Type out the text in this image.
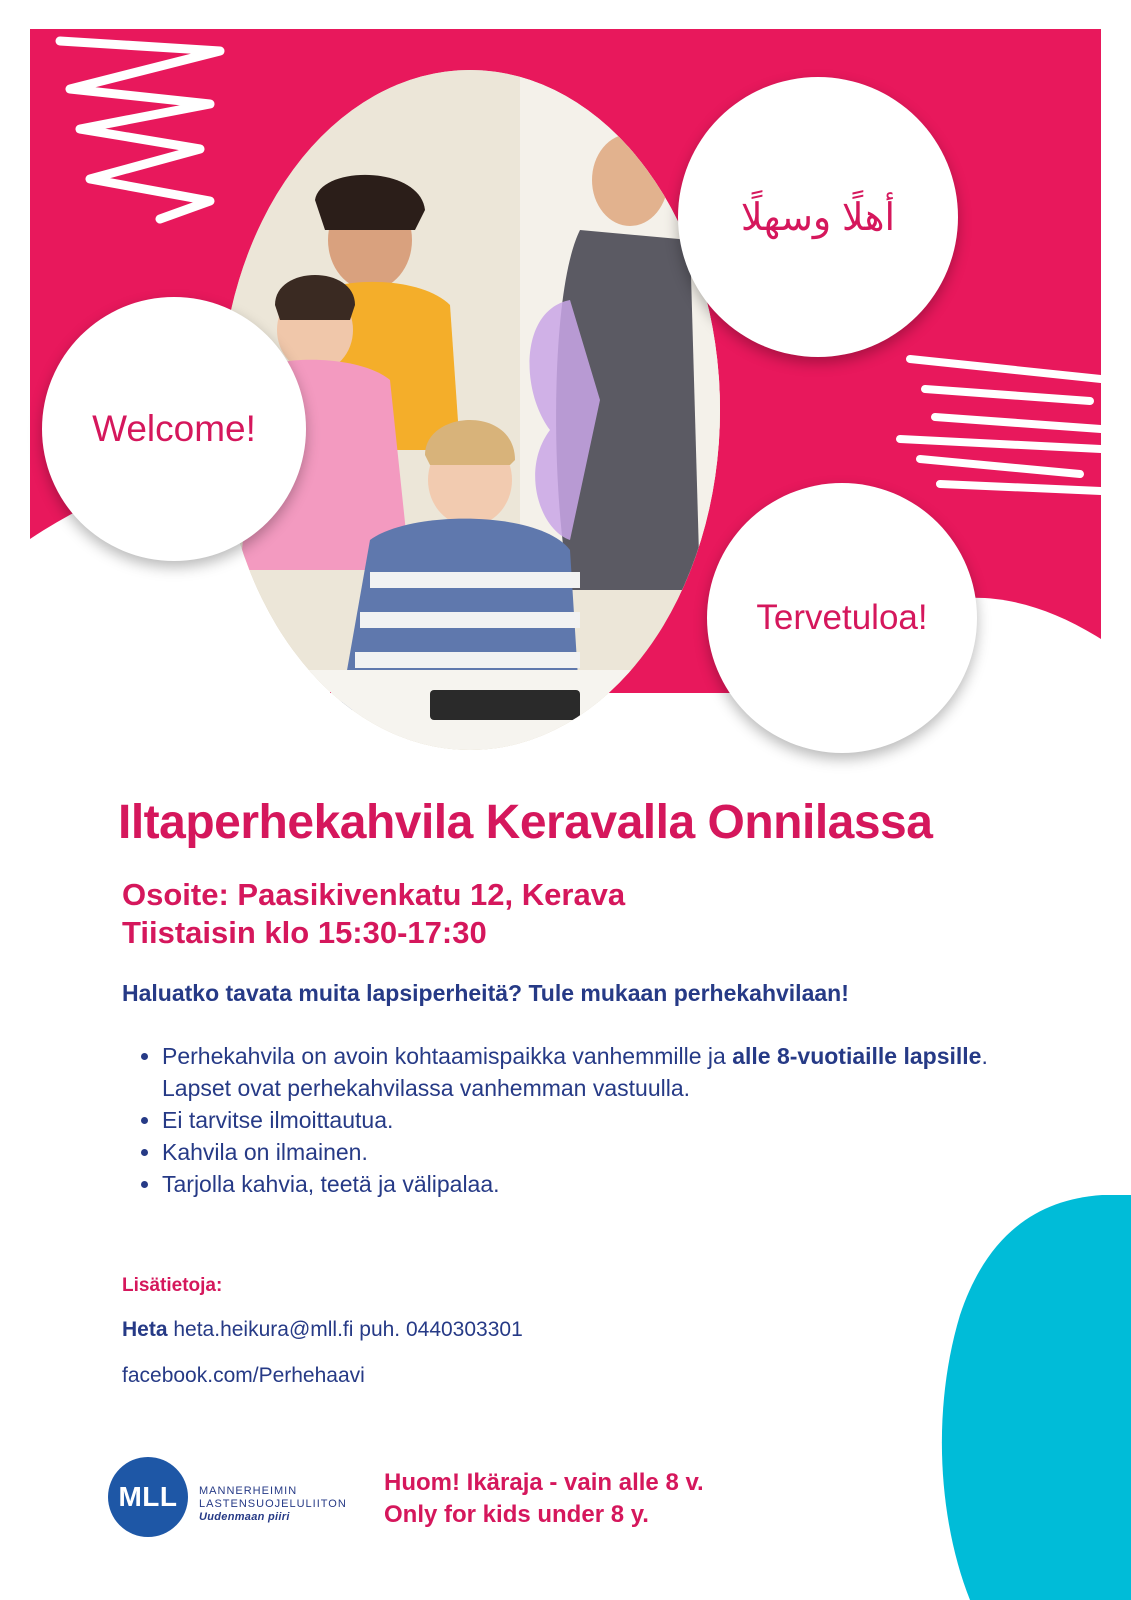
أهلًا وسهلًا
Welcome!
Tervetuloa!
Iltaperhekahvila Keravalla Onnilassa
Osoite: Paasikivenkatu 12, Kerava
Tiistaisin klo 15:30-17:30

Haluatko tavata muita lapsiperheitä? Tule mukaan perhekahvilaan!

• Perhekahvila on avoin kohtaamispaikka vanhemmille ja alle 8-vuotiaille lapsille. Lapset ovat perhekahvilassa vanhemman vastuulla.
• Ei tarvitse ilmoittautua.
• Kahvila on ilmainen.
• Tarjolla kahvia, teetä ja välipalaa.

Lisätietoja:

Heta heta.heikura@mll.fi puh. 0440303301
facebook.com/Perhehaavi
MLL MANNERHEIMIN
LASTENSUOJELULIITON
Uudenmaan piiri
Huom! Ikäraja - vain alle 8 v.
Only for kids under 8 y.
